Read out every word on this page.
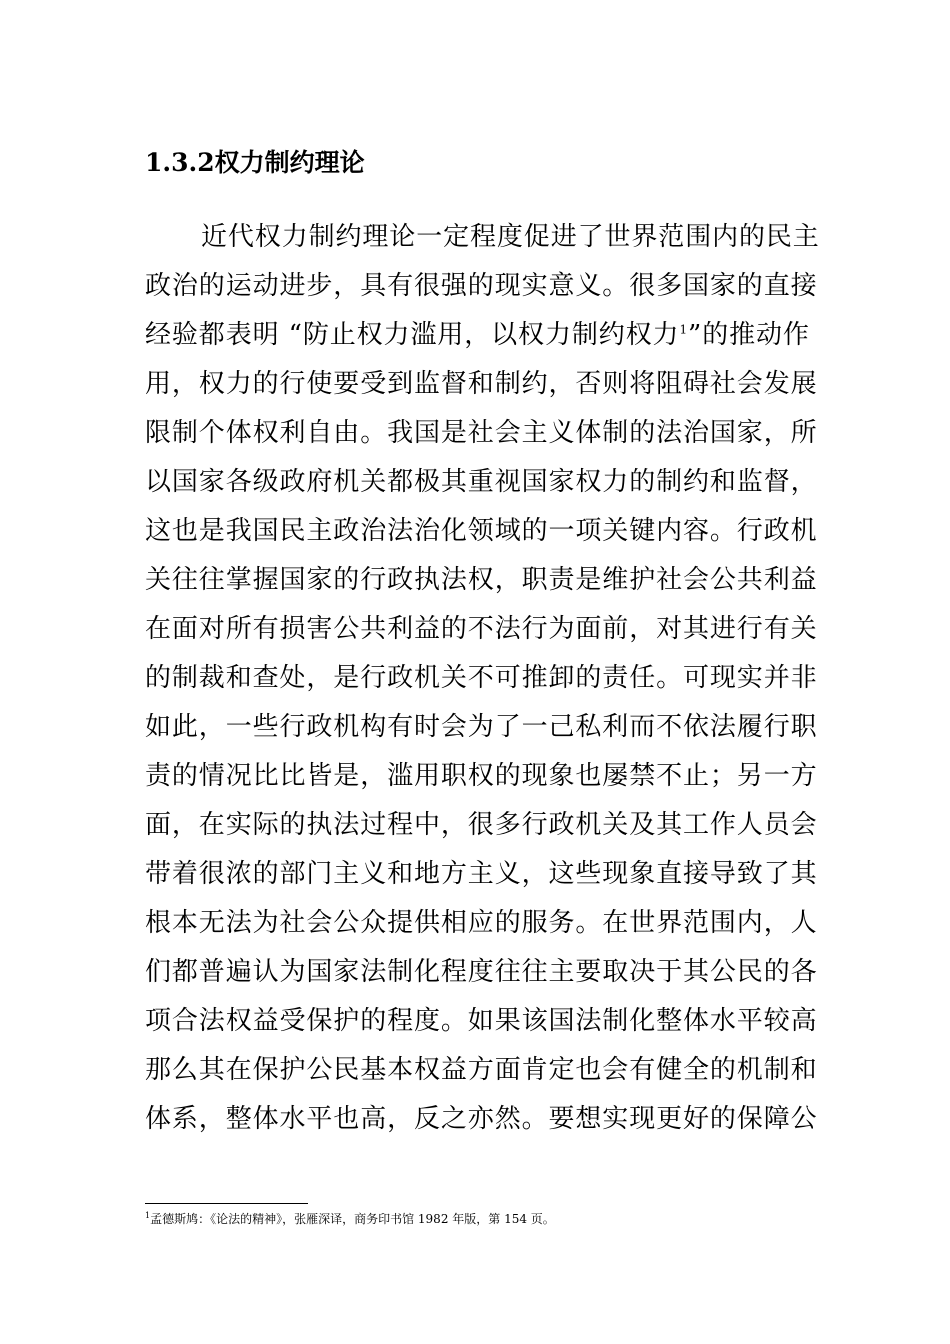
1.3.2权力制约理论

近代权力制约理论一定程度促进了世界范围内的民主

政治的运动进步，具有很强的现实意义。很多国家的直接

经验都表明 “防止权力滥用，以权力制约权力$^1$”的推动作

用，权力的行使要受到监督和制约，否则将阻碍社会发展

限制个体权利自由。我国是社会主义体制的法治国家，所

以国家各级政府机关都极其重视国家权力的制约和监督，

这也是我国民主政治法治化领域的一项关键内容。行政机

关往往掌握国家的行政执法权，职责是维护社会公共利益

在面对所有损害公共利益的不法行为面前，对其进行有关

的制裁和查处，是行政机关不可推卸的责任。可现实并非

如此，一些行政机构有时会为了一己私利而不依法履行职

责的情况比比皆是，滥用职权的现象也屡禁不止；另一方

面，在实际的执法过程中，很多行政机关及其工作人员会

带着很浓的部门主义和地方主义，这些现象直接导致了其

根本无法为社会公众提供相应的服务。在世界范围内，人

们都普遍认为国家法制化程度往往主要取决于其公民的各

项合法权益受保护的程度。如果该国法制化整体水平较高

那么其在保护公民基本权益方面肯定也会有健全的机制和

体系，整体水平也高，反之亦然。要想实现更好的保障公

$^1$孟德斯鸠：《论法的精神》，张雁深译，商务印书馆 1982 年版，第 154 页。
